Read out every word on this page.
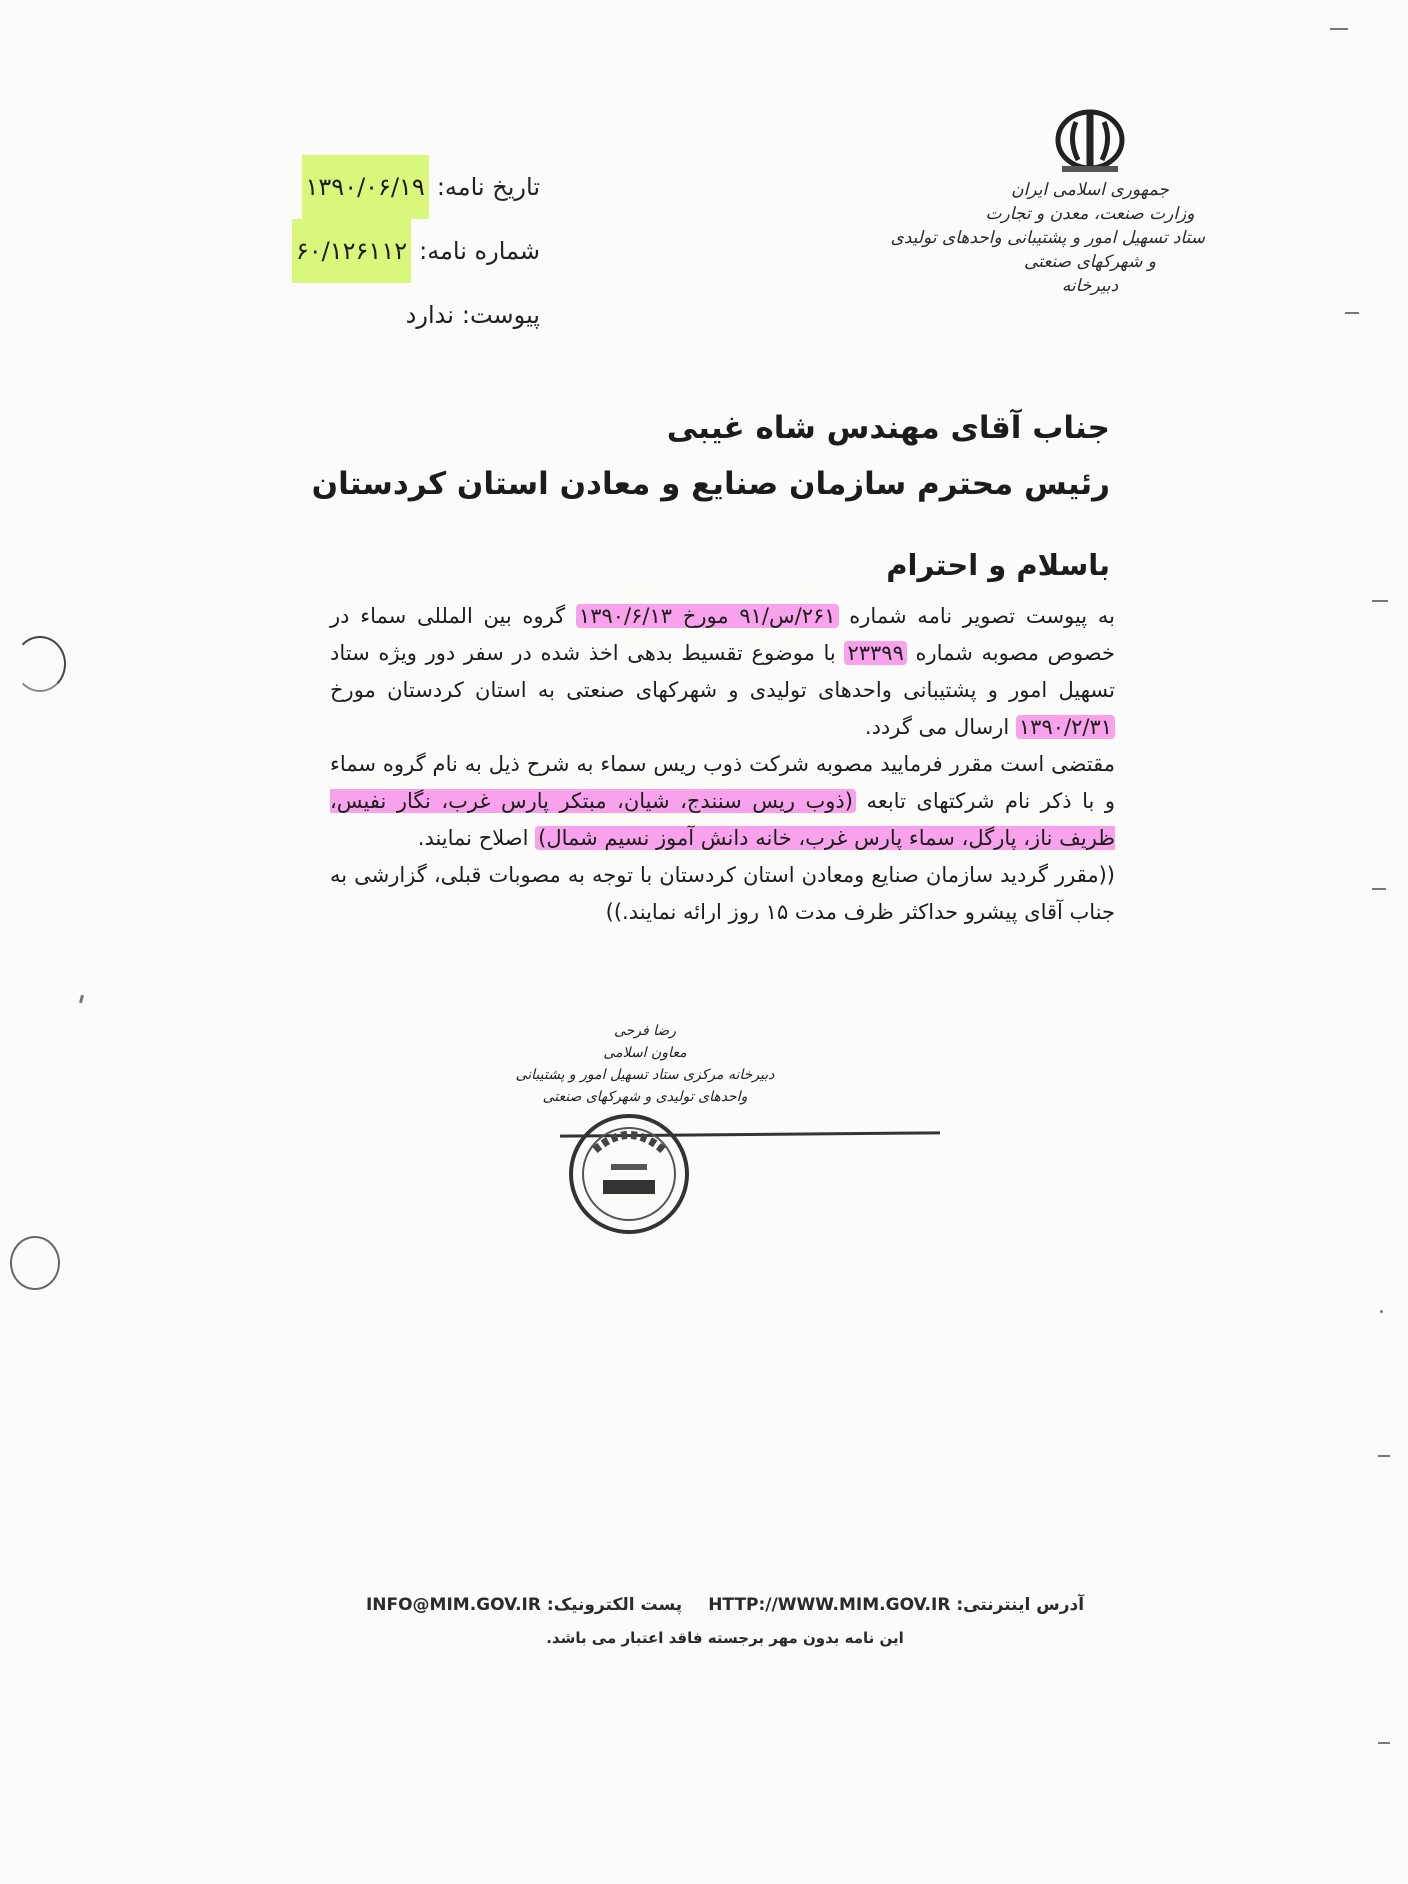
جمهوری اسلامی ایران
وزارت صنعت، معدن و تجارت
ستاد تسهیل امور و پشتیبانی واحدهای تولیدی
و شهرکهای صنعتی
دبیرخانه
تاریخ نامه:
۱۳۹۰/۰۶/۱۹
شماره نامه:
۶۰/۱۲۶۱۱۲
پیوست:
ندارد
جناب آقای مهندس شاه غیبی
رئیس محترم سازمان صنایع و معادن استان کردستان
باسلام و احترام

به پیوست تصویر نامه شماره ۲۶۱/س/۹۱ مورخ ۱۳۹۰/۶/۱۳ گروه بین المللی سماء در خصوص مصوبه شماره ۲۳۳۹۹ با موضوع تقسیط بدهی اخذ شده در سفر دور ویژه ستاد تسهیل امور و پشتیبانی واحدهای تولیدی و شهرکهای صنعتی به استان کردستان مورخ ۱۳۹۰/۲/۳۱ ارسال می گردد.

مقتضی است مقرر فرمایید مصوبه شرکت ذوب ریس سماء به شرح ذیل به نام گروه سماء و با ذکر نام شرکتهای تابعه (ذوب ریس سنندج، شیان، مبتکر پارس غرب، نگار نفیس، ظریف ناز، پارگل، سماء پارس غرب، خانه دانش آموز نسیم شمال) اصلاح نمایند.

((مقرر گردید سازمان صنایع ومعادن استان کردستان با توجه به مصوبات قبلی، گزارشی به جناب آقای پیشرو حداکثر ظرف مدت ۱۵ روز ارائه نمایند.))

رضا فرحی
معاون اسلامی
دبیرخانه مرکزی ستاد تسهیل امور و پشتیبانی
واحدهای تولیدی و شهرکهای صنعتی
پست الکترونیک: INFO@MIM.GOV.IR	آدرس اینترنتی: HTTP://WWW.MIM.GOV.IR
این نامه بدون مهر برجسته فاقد اعتبار می باشد.
